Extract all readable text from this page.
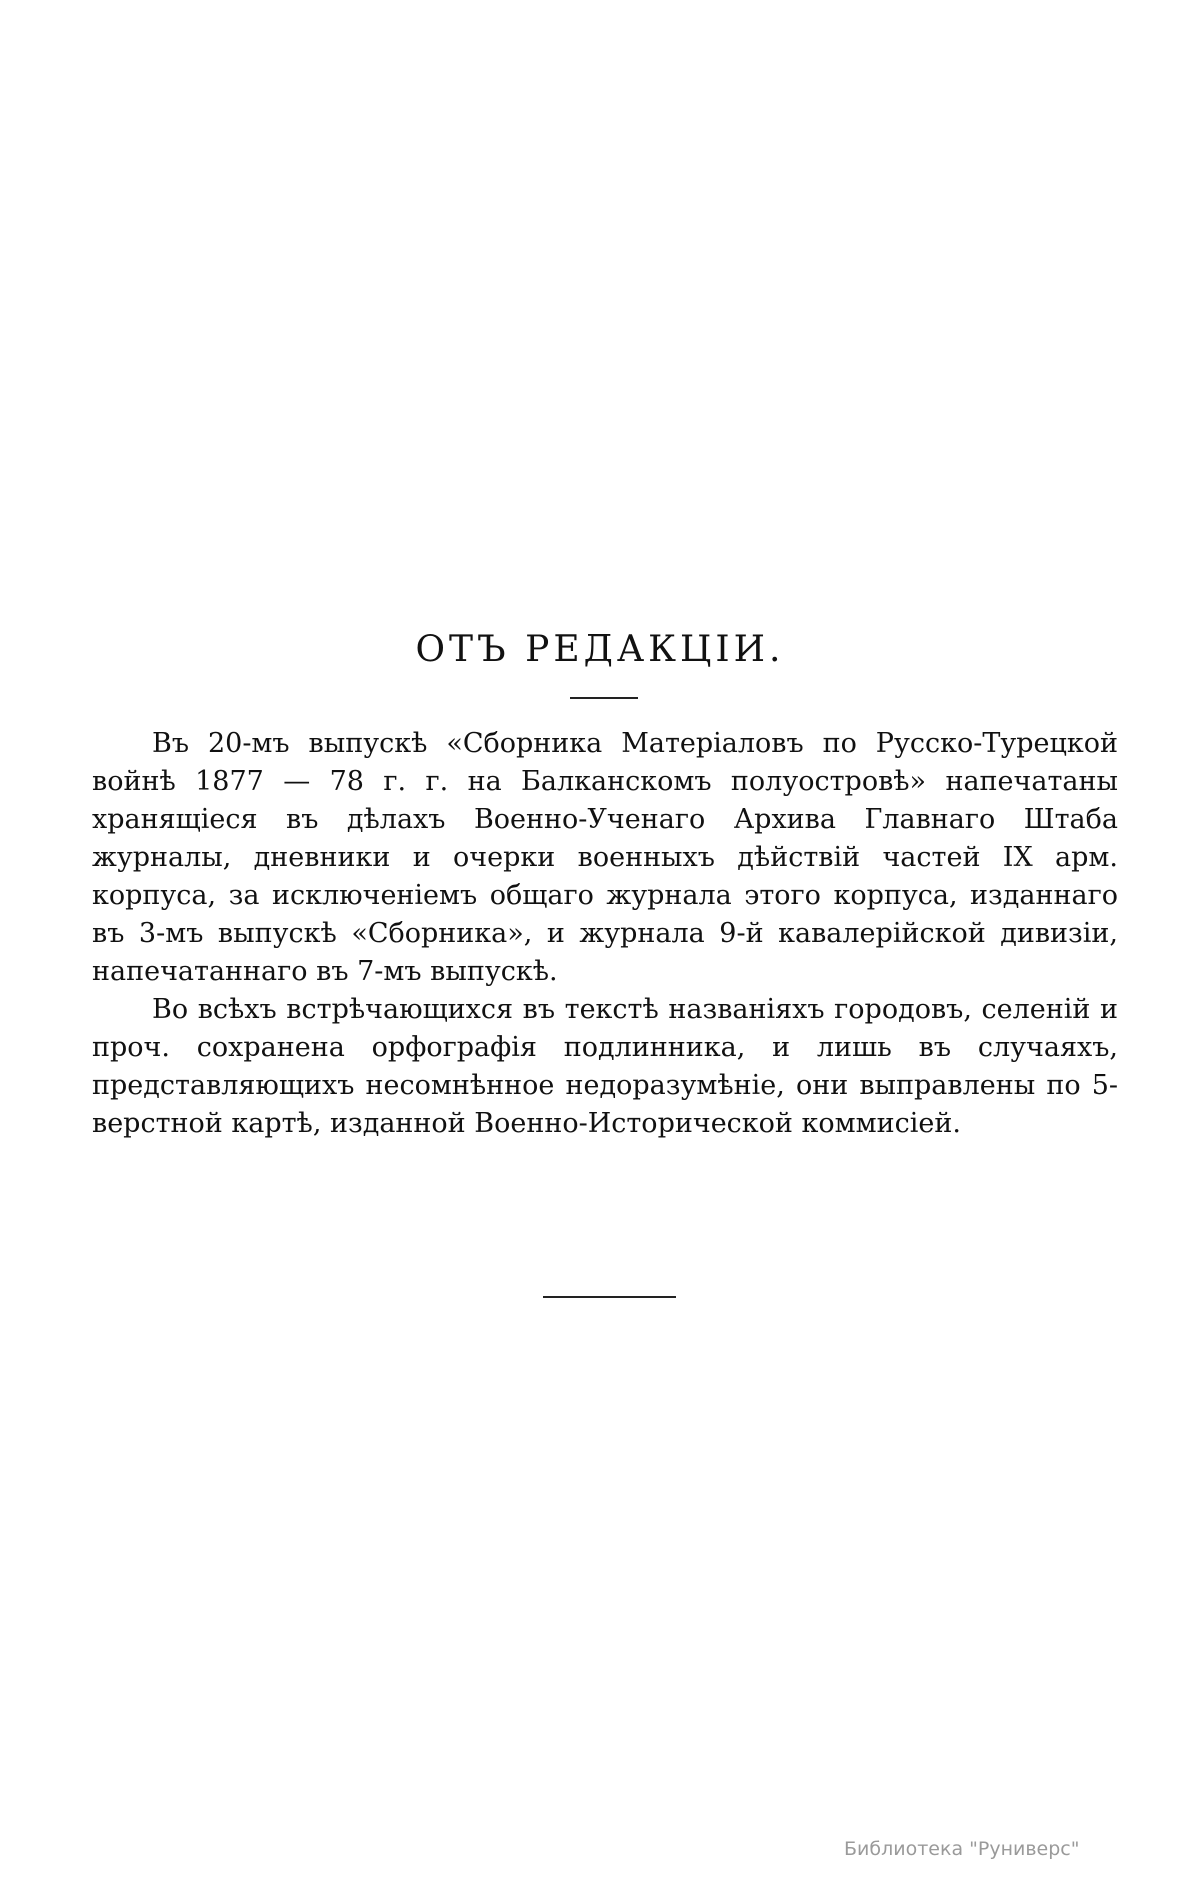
ОТЪ РЕДАКЦIИ.

Въ 20-мъ выпускѣ «Сборника Матерiаловъ по Русско-Турецкой войнѣ 1877 — 78 г. г. на Балканскомъ полуостровѣ» напечатаны хранящiеся въ дѣлахъ Военно-Ученаго Архива Главнаго Штаба журналы, дневники и очерки военныхъ дѣйствiй частей IX арм. корпуса, за исключенiемъ общаго журнала этого корпуса, изданнаго въ 3-мъ выпускѣ «Сборника», и журнала 9-й кавалерiйской дивизiи, напечатаннаго въ 7-мъ выпускѣ.

Во всѣхъ встрѣчающихся въ текстѣ названiяхъ городовъ, селенiй и проч. сохранена орфографiя подлинника, и лишь въ случаяхъ, представляющихъ несомнѣнное недоразумѣнiе, они выправлены по 5-верстной картѣ, изданной Военно-Исторической коммисiей.

Библиотека "Руниверс"
